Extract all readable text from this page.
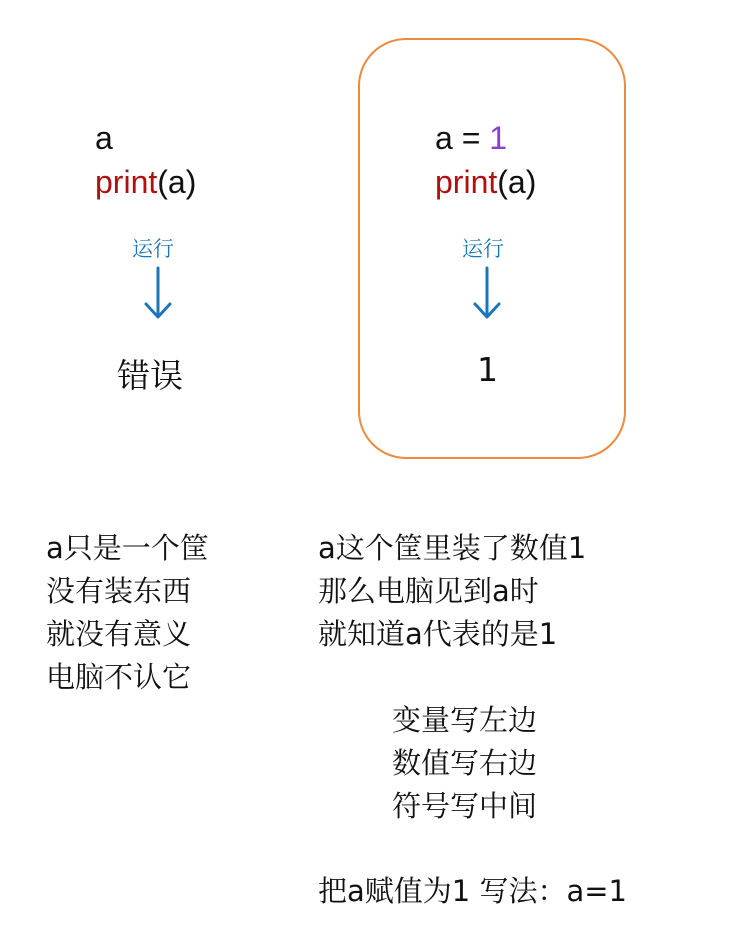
a
print(a)
运行
错误
a = 1
print(a)
运行
1
a只是一个筐
没有装东西
就没有意义
电脑不认它
a这个筐里装了数值1
那么电脑见到a时
就知道a代表的是1
变量写左边
数值写右边
符号写中间
把a赋值为1 写法：a=1
